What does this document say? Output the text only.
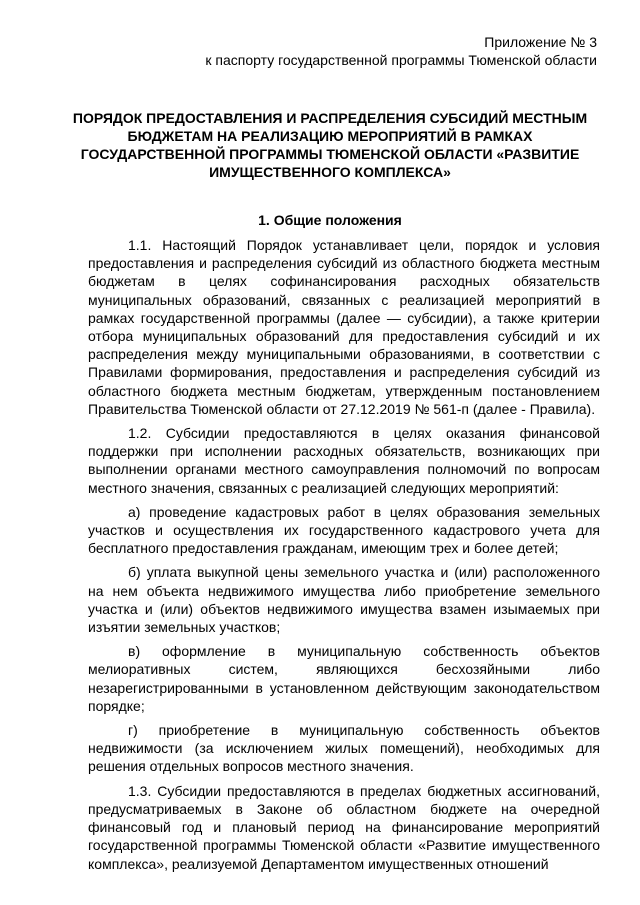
Приложение № 3
к паспорту государственной программы Тюменской области
ПОРЯДОК ПРЕДОСТАВЛЕНИЯ И РАСПРЕДЕЛЕНИЯ СУБСИДИЙ МЕСТНЫМ БЮДЖЕТАМ НА РЕАЛИЗАЦИЮ МЕРОПРИЯТИЙ В РАМКАХ ГОСУДАРСТВЕННОЙ ПРОГРАММЫ ТЮМЕНСКОЙ ОБЛАСТИ «РАЗВИТИЕ ИМУЩЕСТВЕННОГО КОМПЛЕКСА»
1. Общие положения

1.1. Настоящий Порядок устанавливает цели, порядок и условия предоставления и распределения субсидий из областного бюджета местным бюджетам в целях софинансирования расходных обязательств муниципальных образований, связанных с реализацией мероприятий в рамках государственной программы (далее — субсидии), а также критерии отбора муниципальных образований для предоставления субсидий и их распределения между муниципальными образованиями, в соответствии с Правилами формирования, предоставления и распределения субсидий из областного бюджета местным бюджетам, утвержденным постановлением Правительства Тюменской области от 27.12.2019 № 561-п (далее - Правила).

1.2. Субсидии предоставляются в целях оказания финансовой поддержки при исполнении расходных обязательств, возникающих при выполнении органами местного самоуправления полномочий по вопросам местного значения, связанных с реализацией следующих мероприятий:

а) проведение кадастровых работ в целях образования земельных участков и осуществления их государственного кадастрового учета для бесплатного предоставления гражданам, имеющим трех и более детей;

б) уплата выкупной цены земельного участка и (или) расположенного на нем объекта недвижимого имущества либо приобретение земельного участка и (или) объектов недвижимого имущества взамен изымаемых при изъятии земельных участков;

в) оформление в муниципальную собственность объектов мелиоративных систем, являющихся бесхозяйными либо незарегистрированными в установленном действующим законодательством порядке;

г) приобретение в муниципальную собственность объектов недвижимости (за исключением жилых помещений), необходимых для решения отдельных вопросов местного значения.

1.3. Субсидии предоставляются в пределах бюджетных ассигнований, предусматриваемых в Законе об областном бюджете на очередной финансовый год и плановый период на финансирование мероприятий государственной программы Тюменской области «Развитие имущественного комплекса», реализуемой Департаментом имущественных отношений
